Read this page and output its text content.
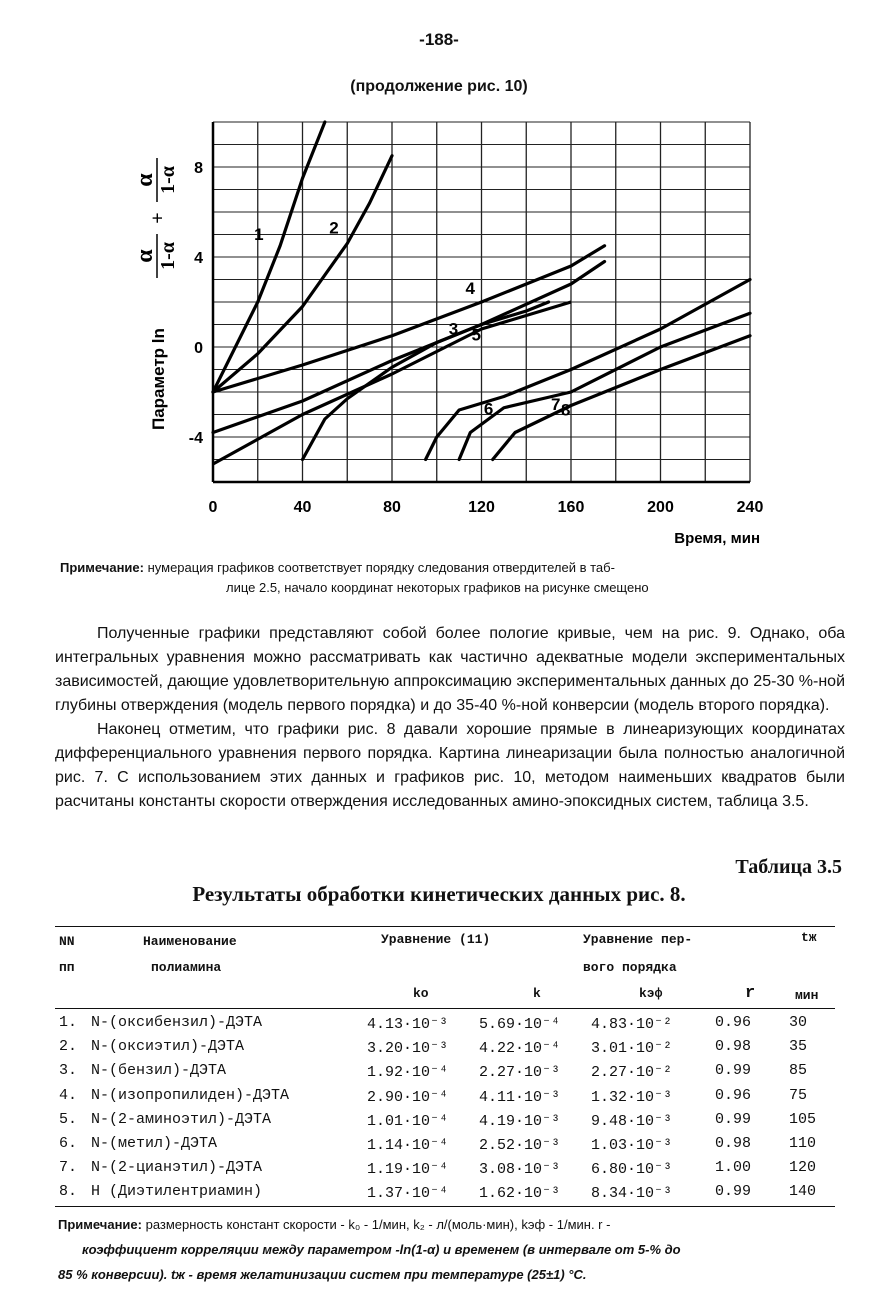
-188-
(продолжение рис. 10)
0	40	80	120	160	200	240
-4
0
4
8
1	2
3
4
5
6	7 8
Время, мин
Параметр ln
α 1-α
+
α 1-α
Примечание: нумерация графиков соответствует порядку следования отвердителей в таб-
лице 2.5, начало координат некоторых графиков на рисунке смещено

Полученные графики представляют собой более пологие кривые, чем на рис. 9. Однако, оба интегральных уравнения можно рассматривать как частично адекватные модели экспериментальных зависимостей, дающие удовлетворительную аппроксимацию экспериментальных данных до 25-30 %-ной глубины отверждения (модель первого порядка) и до 35-40 %-ной конверсии (модель второго порядка).

Наконец отметим, что графики рис. 8 давали хорошие прямые в линеаризующих координатах дифференциального уравнения первого порядка. Картина линеаризации была полностью аналогичной рис. 7. С использованием этих данных и графиков рис. 10, методом наименьших квадратов были расчитаны константы скорости отверждения исследованных амино-эпоксидных систем, таблица 3.5.

Таблица 3.5
Результаты обработки кинетических данных рис. 8.
NN
пп
Наименование
полиамина
Уравнение (11)	Уравнение пер-
вого порядка
tж
kо	k	kэф	r	мин
1. N-(оксибензил)-ДЭТА	4.13·10⁻³ 5.69·10⁻⁴ 4.83·10⁻²	0.96	30
2. N-(оксиэтил)-ДЭТА	3.20·10⁻³ 4.22·10⁻⁴ 3.01·10⁻²	0.98	35
3. N-(бензил)-ДЭТА	1.92·10⁻⁴ 2.27·10⁻³ 2.27·10⁻²	0.99	85
4. N-(изопропилиден)-ДЭТА	2.90·10⁻⁴ 4.11·10⁻³ 1.32·10⁻³	0.96	75
5. N-(2-аминоэтил)-ДЭТА	1.01·10⁻⁴ 4.19·10⁻³ 9.48·10⁻³	0.99	105
6. N-(метил)-ДЭТА	1.14·10⁻⁴ 2.52·10⁻³ 1.03·10⁻³	0.98	110
7. N-(2-цианэтил)-ДЭТА	1.19·10⁻⁴ 3.08·10⁻³ 6.80·10⁻³	1.00	120
8. Н (Диэтилентриамин)	1.37·10⁻⁴ 1.62·10⁻³ 8.34·10⁻³	0.99	140
Примечание: размерность констант скорости - k₀ - 1/мин, k₂ - л/(моль·мин), kэф - 1/мин. r -
коэффициент корреляции между параметром -ln(1-α) и временем (в интервале от 5-% до
85 % конверсии). tж - время желатинизации систем при температуре (25±1) °С.
